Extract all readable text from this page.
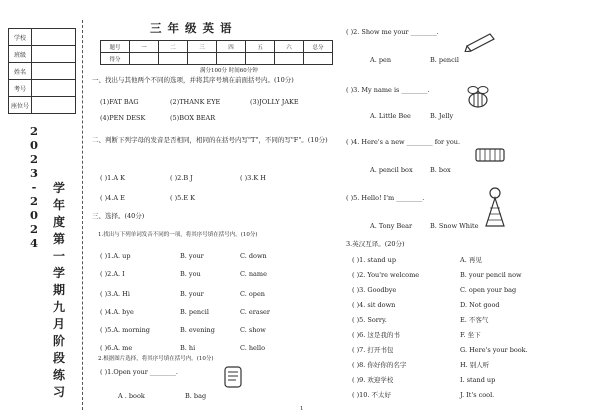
学校	
班级	
姓名	
考号	
座位号	
2
0
2
3
-
2
0
2
4
学
年
度
第
一
学
期
九
月
阶
段
练
习
三年级英语
题号	一	二	三	四	五	六	总分
得分							
满分100分 时间60分钟
一、找出与其他两个不同的选项，并将其序号填在前面括号内。(10分)
(1)FAT BAG	(2)THANK EYE	(3)JOLLY JAKE
(4)PEN DESK	(5)BOX BEAR
二、判断下列字母的发音是否相同，相同的在括号内写"T"，不同的写"F"。(10分)
( )1.A K	( )2.B J	( )3.K H
( )4.A E	( )5.E K
三、选择。(40分)
1.找出与下列单词发音不同的一项，将其序号填在括号内。(10分)
( )1.A. up	B. your	C. down
( )2.A. I	B. you	C. name
( )3.A. Hi	B. your	C. open
( )4.A. bye	B. pencil	C. eraser
( )5.A. morning	B. evening	C. show
( )6.A. me	B. hi	C. hello
2.根据图片选择，将其序号填在括号内。(10分)
( )1.Open your ________.
A . book	B. bag
( )2. Show me your ________.
A. pen	B. pencil
( )3. My name is ________.
A. Little Bee	B. Jelly
( )4. Here's a new ________ for you.
A. pencil box	B. box
( )5. Hello! I'm ________.
A. Tony Bear	B. Snow White
3.英汉互译。(20分)
( )1. stand up	A. 再见
( )2. You're welcome	B. your pencil now
( )3. Goodbye	C. open your bag
( )4. sit down	D. Not good
( )5. Sorry.	E. 不客气
( )6. 这是我的书	F. 坐下
( )7. 打开书包	G. Here's your book.
( )8. 你好你的名字	H. 别人听
( )9. 欢迎学校	I. stand up
( )10. 不太好	J. It's cool.
1
